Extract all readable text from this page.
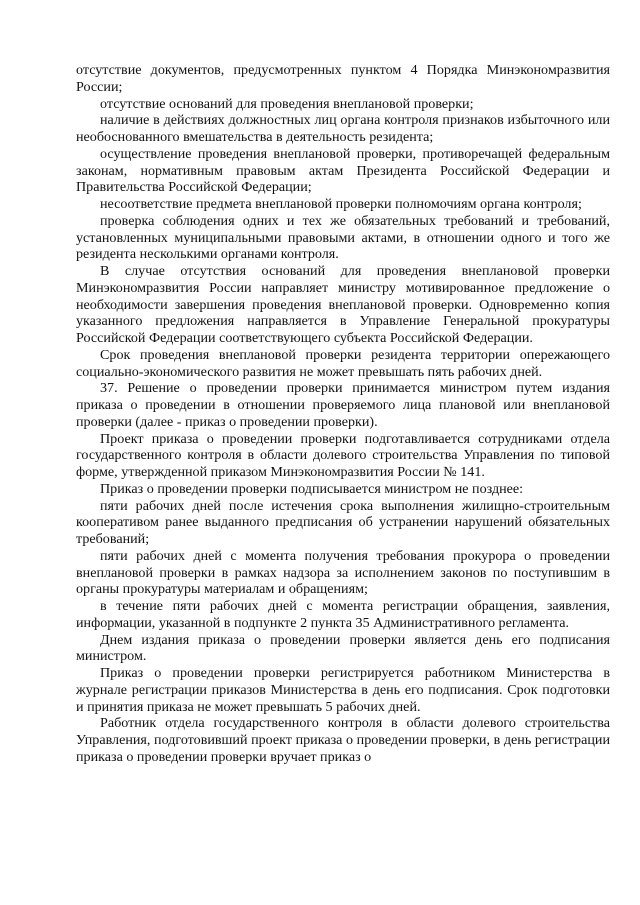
отсутствие документов, предусмотренных пунктом 4 Порядка Минэкономразвития России;

отсутствие оснований для проведения внеплановой проверки;

наличие в действиях должностных лиц органа контроля признаков избыточного или необоснованного вмешательства в деятельность резидента;

осуществление проведения внеплановой проверки, противоречащей федеральным законам, нормативным правовым актам Президента Российской Федерации и Правительства Российской Федерации;

несоответствие предмета внеплановой проверки полномочиям органа контроля;

проверка соблюдения одних и тех же обязательных требований и требований, установленных муниципальными правовыми актами, в отношении одного и того же резидента несколькими органами контроля.

В случае отсутствия оснований для проведения внеплановой проверки Минэкономразвития России направляет министру мотивированное предложение о необходимости завершения проведения внеплановой проверки. Одновременно копия указанного предложения направляется в Управление Генеральной прокуратуры Российской Федерации соответствующего субъекта Российской Федерации.

Срок проведения внеплановой проверки резидента территории опережающего социально-экономического развития не может превышать пять рабочих дней.

37. Решение о проведении проверки принимается министром путем издания приказа о проведении в отношении проверяемого лица плановой или внеплановой проверки (далее - приказ о проведении проверки).

Проект приказа о проведении проверки подготавливается сотрудниками отдела государственного контроля в области долевого строительства Управления по типовой форме, утвержденной приказом Минэкономразвития России № 141.

Приказ о проведении проверки подписывается министром не позднее:

пяти рабочих дней после истечения срока выполнения жилищно-строительным кооперативом ранее выданного предписания об устранении нарушений обязательных требований;

пяти рабочих дней с момента получения требования прокурора о проведении внеплановой проверки в рамках надзора за исполнением законов по поступившим в органы прокуратуры материалам и обращениям;

в течение пяти рабочих дней с момента регистрации обращения, заявления, информации, указанной в подпункте 2 пункта 35 Административного регламента.

Днем издания приказа о проведении проверки является день его подписания министром.

Приказ о проведении проверки регистрируется работником Министерства в журнале регистрации приказов Министерства в день его подписания. Срок подготовки и принятия приказа не может превышать 5 рабочих дней.

Работник отдела государственного контроля в области долевого строительства Управления, подготовивший проект приказа о проведении проверки, в день регистрации приказа о проведении проверки вручает приказ о
